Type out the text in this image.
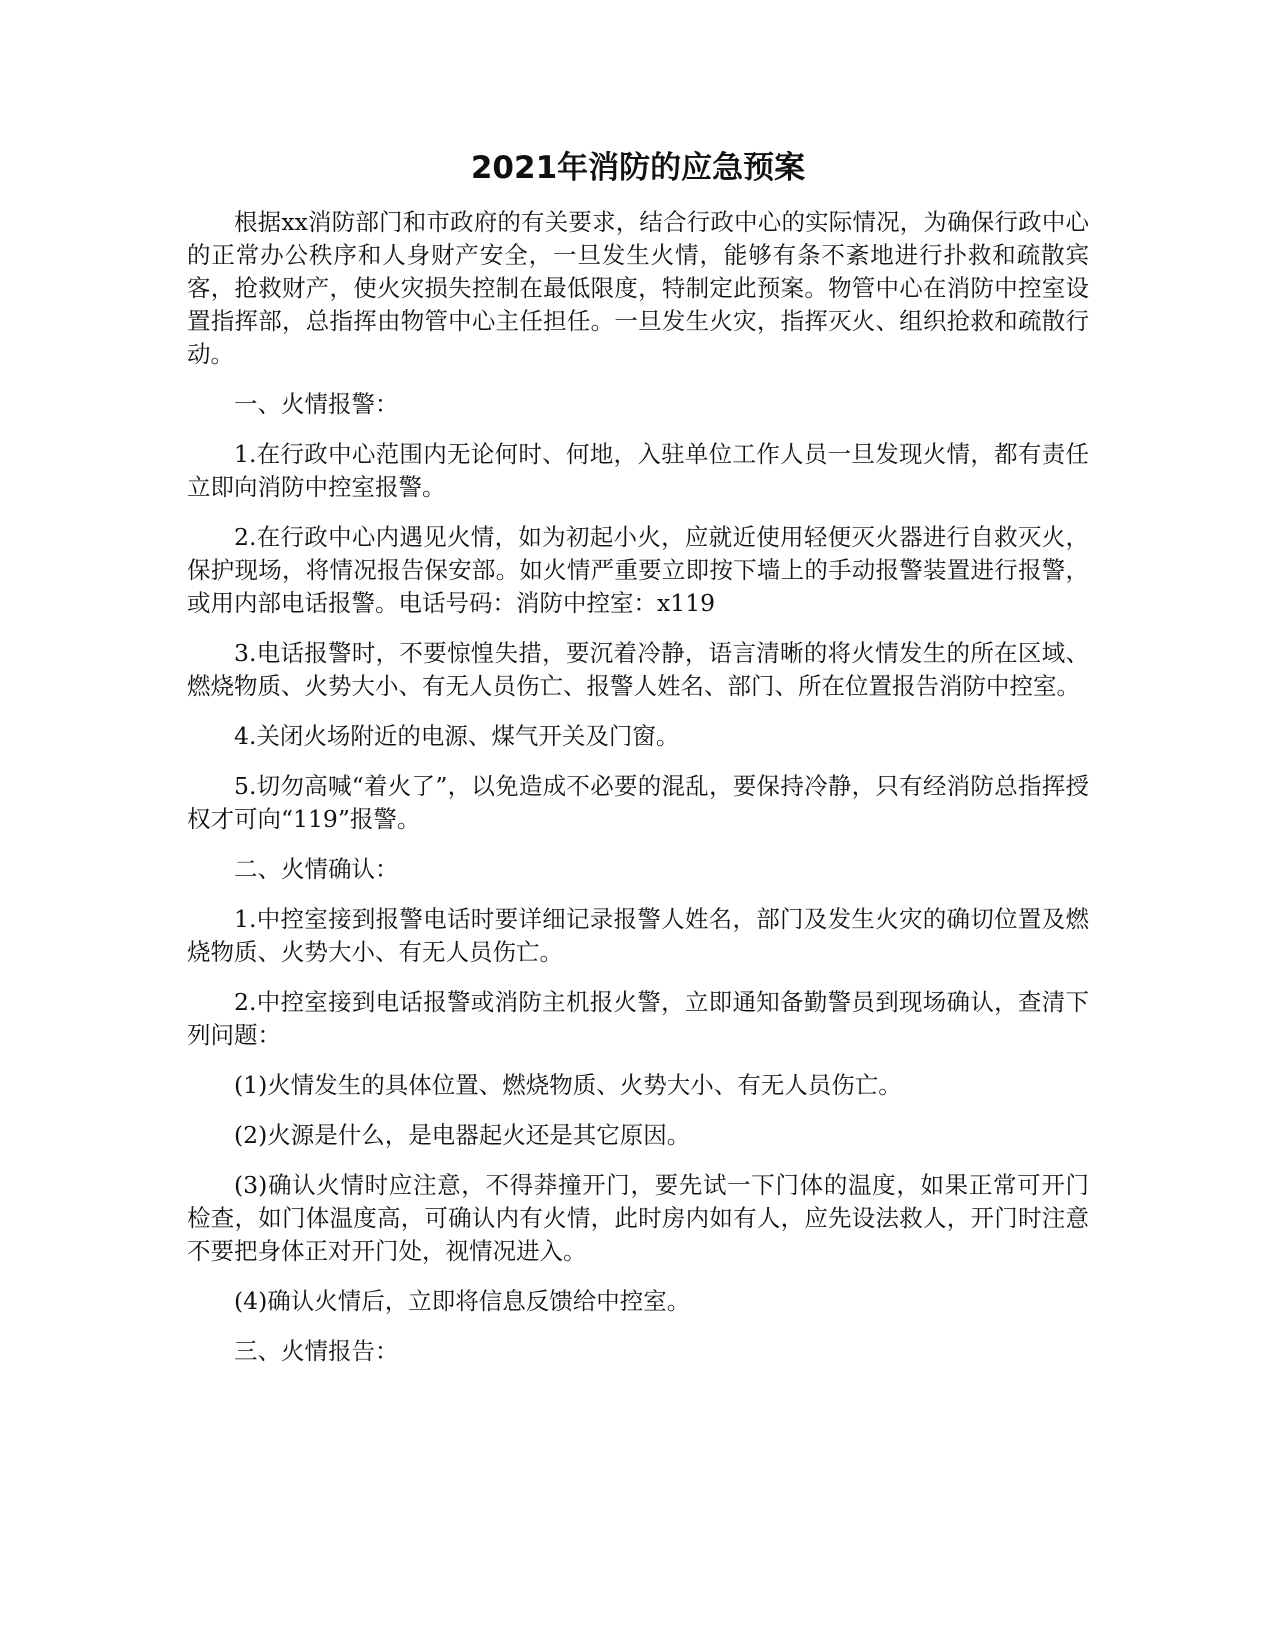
2021年消防的应急预案

根据xx消防部门和市政府的有关要求，结合行政中心的实际情况，为确保行政中心的正常办公秩序和人身财产安全，一旦发生火情，能够有条不紊地进行扑救和疏散宾客，抢救财产，使火灾损失控制在最低限度，特制定此预案。物管中心在消防中控室设置指挥部，总指挥由物管中心主任担任。一旦发生火灾，指挥灭火、组织抢救和疏散行动。

一、火情报警：

1.在行政中心范围内无论何时、何地，入驻单位工作人员一旦发现火情，都有责任立即向消防中控室报警。

2.在行政中心内遇见火情，如为初起小火，应就近使用轻便灭火器进行自救灭火，保护现场，将情况报告保安部。如火情严重要立即按下墙上的手动报警装置进行报警，或用内部电话报警。电话号码：消防中控室：x119

3.电话报警时，不要惊惶失措，要沉着冷静，语言清晰的将火情发生的所在区域、燃烧物质、火势大小、有无人员伤亡、报警人姓名、部门、所在位置报告消防中控室。

4.关闭火场附近的电源、煤气开关及门窗。

5.切勿高喊“着火了”，以免造成不必要的混乱，要保持冷静，只有经消防总指挥授权才可向“119”报警。

二、火情确认：

1.中控室接到报警电话时要详细记录报警人姓名，部门及发生火灾的确切位置及燃烧物质、火势大小、有无人员伤亡。

2.中控室接到电话报警或消防主机报火警，立即通知备勤警员到现场确认，查清下列问题：

(1)火情发生的具体位置、燃烧物质、火势大小、有无人员伤亡。

(2)火源是什么，是电器起火还是其它原因。

(3)确认火情时应注意，不得莽撞开门，要先试一下门体的温度，如果正常可开门检查，如门体温度高，可确认内有火情，此时房内如有人，应先设法救人，开门时注意不要把身体正对开门处，视情况进入。

(4)确认火情后，立即将信息反馈给中控室。

三、火情报告：
